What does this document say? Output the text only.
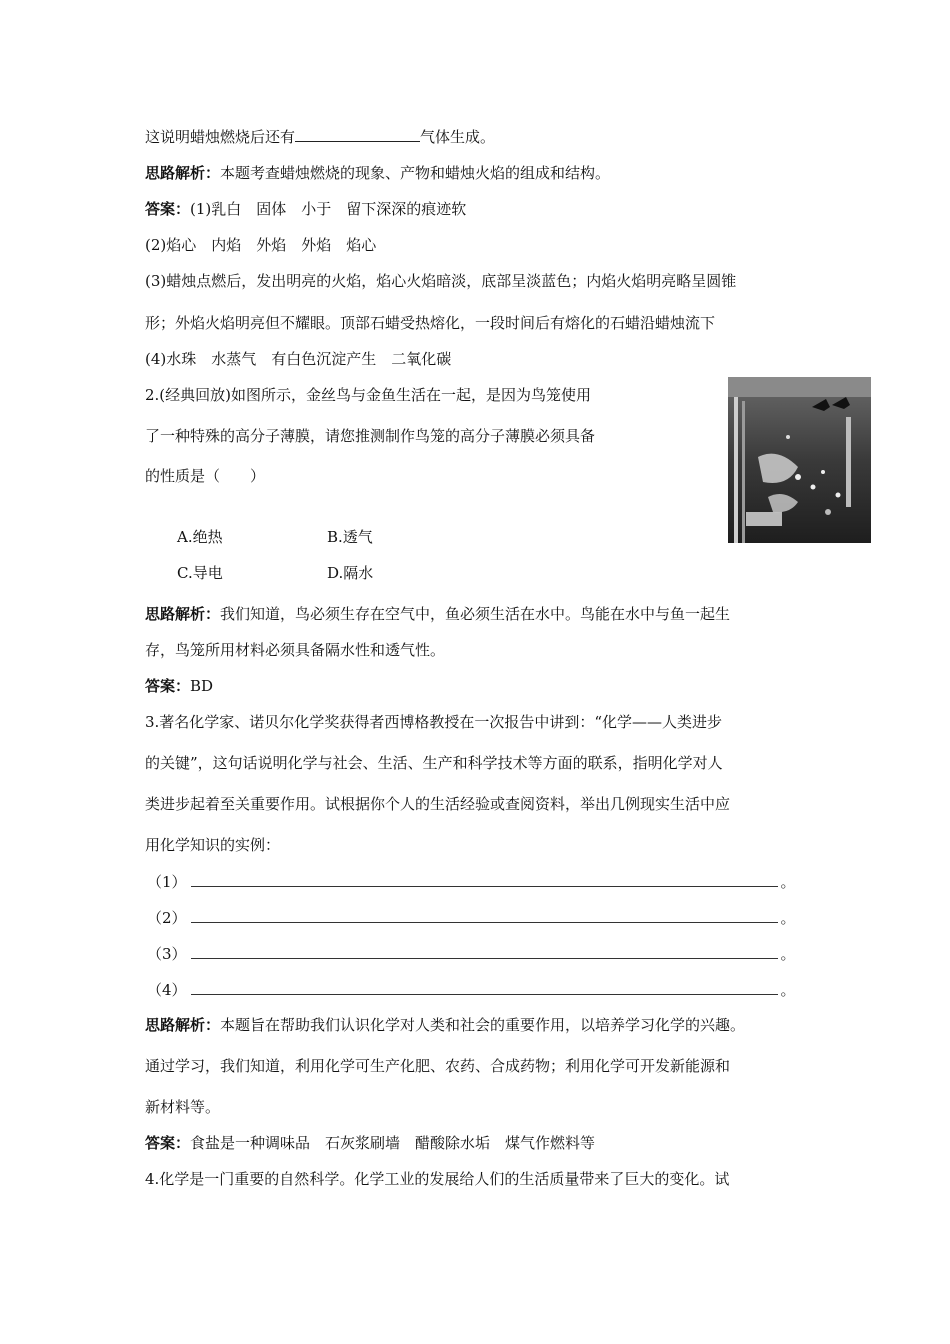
这说明蜡烛燃烧后还有	气体生成。
思路解析：本题考查蜡烛燃烧的现象、产物和蜡烛火焰的组成和结构。
答案：(1)乳白　固体　小于　留下深深的痕迹软
(2)焰心　内焰　外焰　外焰　焰心
(3)蜡烛点燃后，发出明亮的火焰，焰心火焰暗淡，底部呈淡蓝色；内焰火焰明亮略呈圆锥
形；外焰火焰明亮但不耀眼。顶部石蜡受热熔化，一段时间后有熔化的石蜡沿蜡烛流下
(4)水珠　水蒸气　有白色沉淀产生　二氧化碳
2.(经典回放)如图所示，金丝鸟与金鱼生活在一起，是因为鸟笼使用
了一种特殊的高分子薄膜，请您推测制作鸟笼的高分子薄膜必须具备
的性质是（　　）
A.绝热	B.透气
C.导电	D.隔水
思路解析：我们知道，鸟必须生存在空气中，鱼必须生活在水中。鸟能在水中与鱼一起生
存，鸟笼所用材料必须具备隔水性和透气性。
答案：BD
3.著名化学家、诺贝尔化学奖获得者西博格教授在一次报告中讲到：“化学——人类进步
的关键”，这句话说明化学与社会、生活、生产和科学技术等方面的联系，指明化学对人
类进步起着至关重要作用。试根据你个人的生活经验或查阅资料，举出几例现实生活中应
用化学知识的实例：
（1）	。
（2）	。
（3）	。
（4）	。
思路解析：本题旨在帮助我们认识化学对人类和社会的重要作用，以培养学习化学的兴趣。
通过学习，我们知道，利用化学可生产化肥、农药、合成药物；利用化学可开发新能源和
新材料等。
答案：食盐是一种调味品　石灰浆刷墙　醋酸除水垢　煤气作燃料等
4.化学是一门重要的自然科学。化学工业的发展给人们的生活质量带来了巨大的变化。试
